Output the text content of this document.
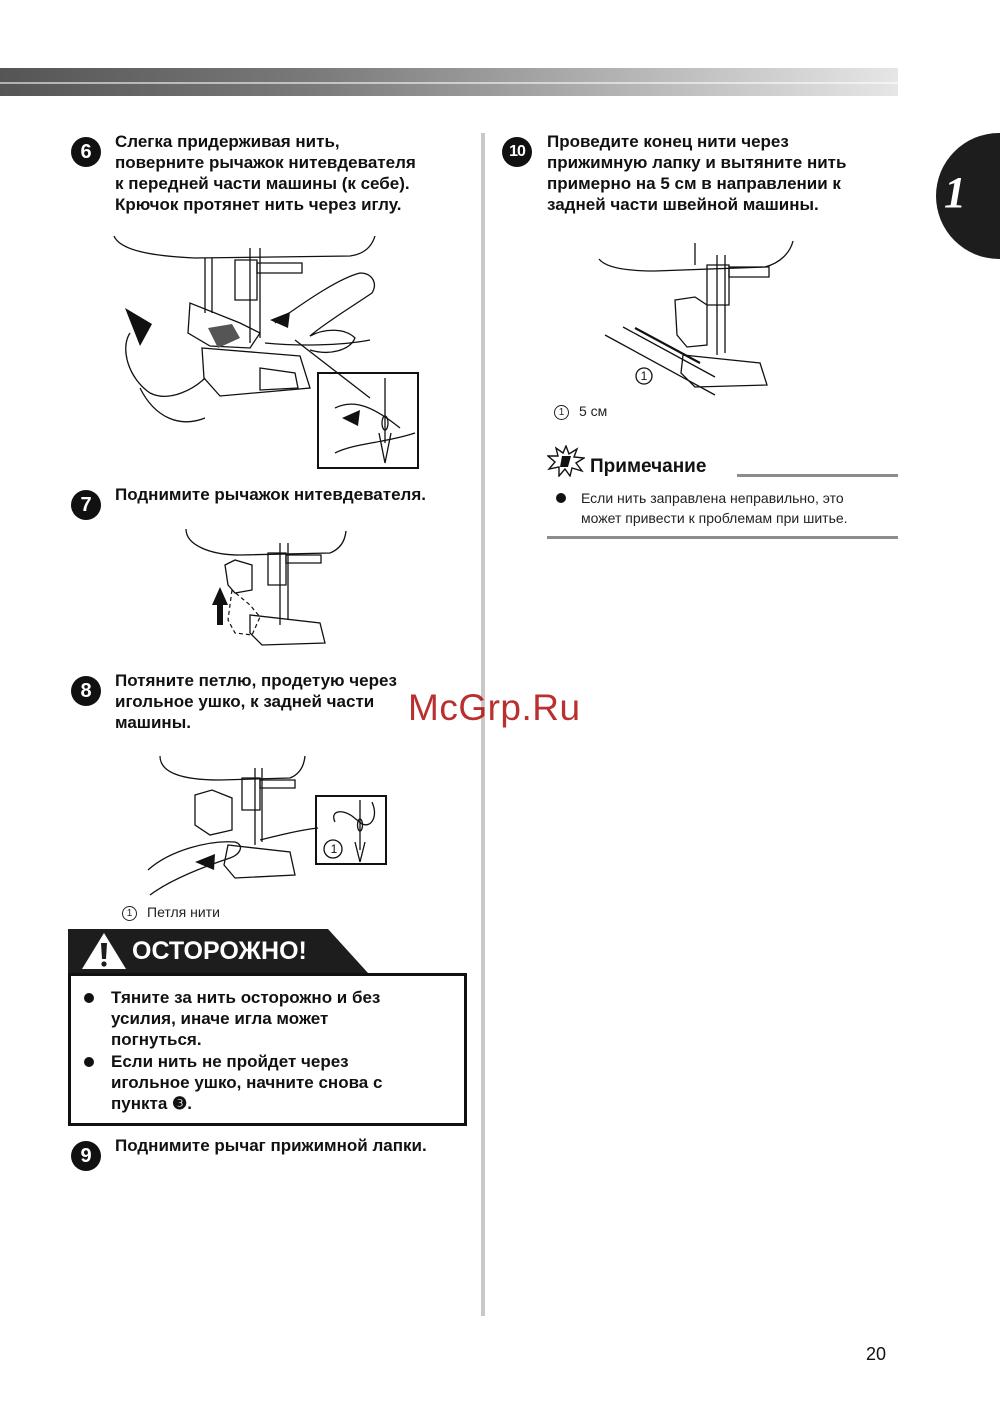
1
6	Слегка придерживая нить,
поверните рычажок нитевдевателя
к передней части машины (к себе).
Крючок протянет нить через иглу.
7	Поднимите рычажок нитевдевателя.
8	Потяните петлю, продетую через
игольное ушко, к задней части
машины.
1
1 Петля нити
ОСТОРОЖНО!
Тяните за нить осторожно и без
усилия, иначе игла может
погнуться.
Если нить не пройдет через
игольное ушко, начните снова с
пункта ❸.
9	Поднимите рычаг прижимной лапки.
10
Проведите конец нити через
прижимную лапку и вытяните нить
примерно на 5 см в направлении к
задней части швейной машины.
1
1 5 см
Примечание
Если нить заправлена неправильно, это
может привести к проблемам при шитье.
McGrp.Ru
20
